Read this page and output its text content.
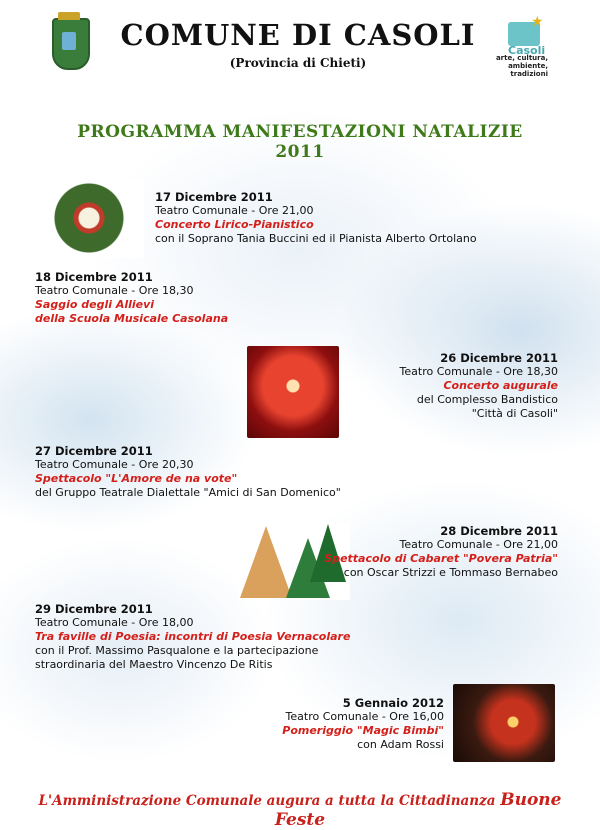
COMUNE DI CASOLI
(Provincia di Chieti)
★
Casoli
arte, cultura,
ambiente, tradizioni
PROGRAMMA MANIFESTAZIONI NATALIZIE 2011
17 Dicembre 2011
Teatro Comunale - Ore 21,00
Concerto Lirico-Pianistico
con il Soprano Tania Buccini ed il Pianista Alberto Ortolano
18 Dicembre 2011
Teatro Comunale - Ore 18,30
Saggio degli Allievi
della Scuola Musicale Casolana
26 Dicembre 2011
Teatro Comunale - Ore 18,30
Concerto augurale
del Complesso Bandistico
"Città di Casoli"
27 Dicembre 2011
Teatro Comunale - Ore 20,30
Spettacolo "L'Amore de na vote"
del Gruppo Teatrale Dialettale "Amici di San Domenico"
28 Dicembre 2011
Teatro Comunale - Ore 21,00
Spettacolo di Cabaret "Povera Patria"
con Oscar Strizzi e Tommaso Bernabeo
29 Dicembre 2011
Teatro Comunale - Ore 18,00
Tra faville di Poesia: incontri di Poesia Vernacolare
con il Prof. Massimo Pasqualone e la partecipazione
straordinaria del Maestro Vincenzo De Ritis
5 Gennaio 2012
Teatro Comunale - Ore 16,00
Pomeriggio "Magic Bimbi"
con Adam Rossi
L'Amministrazione Comunale augura a tutta la Cittadinanza Buone Feste
